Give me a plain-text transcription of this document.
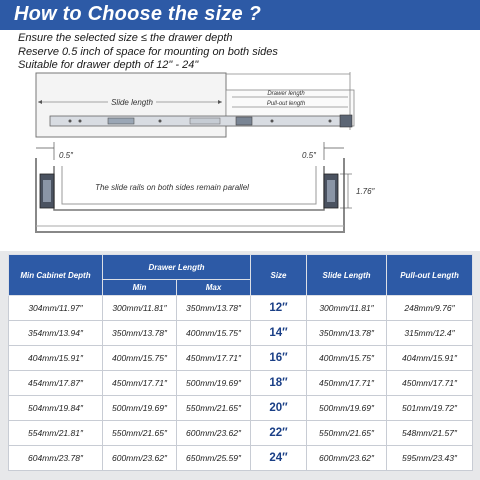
How to Choose the size ?
Ensure the selected size ≤ the drawer depth
Reserve 0.5 inch of space for mounting on both sides
Suitable for drawer depth of 12" - 24"
Slide length
Drawer length
Pull-out length
0.5″	0.5″
The slide rails on both sides remain parallel	1.76″
Min Cabinet Depth	Drawer Length		Size	Slide Length	Pull-out Length
	Min	Max			
304mm/11.97″	300mm/11.81″	350mm/13.78″	12″	300mm/11.81″	248mm/9.76″
354mm/13.94″	350mm/13.78″	400mm/15.75″	14″	350mm/13.78″	315mm/12.4″
404mm/15.91″	400mm/15.75″	450mm/17.71″	16″	400mm/15.75″	404mm/15.91″
454mm/17.87″	450mm/17.71″	500mm/19.69″	18″	450mm/17.71″	450mm/17.71″
504mm/19.84″	500mm/19.69″	550mm/21.65″	20″	500mm/19.69″	501mm/19.72″
554mm/21.81″	550mm/21.65″	600mm/23.62″	22″	550mm/21.65″	548mm/21.57″
604mm/23.78″	600mm/23.62″	650mm/25.59″	24″	600mm/23.62″	595mm/23.43″
